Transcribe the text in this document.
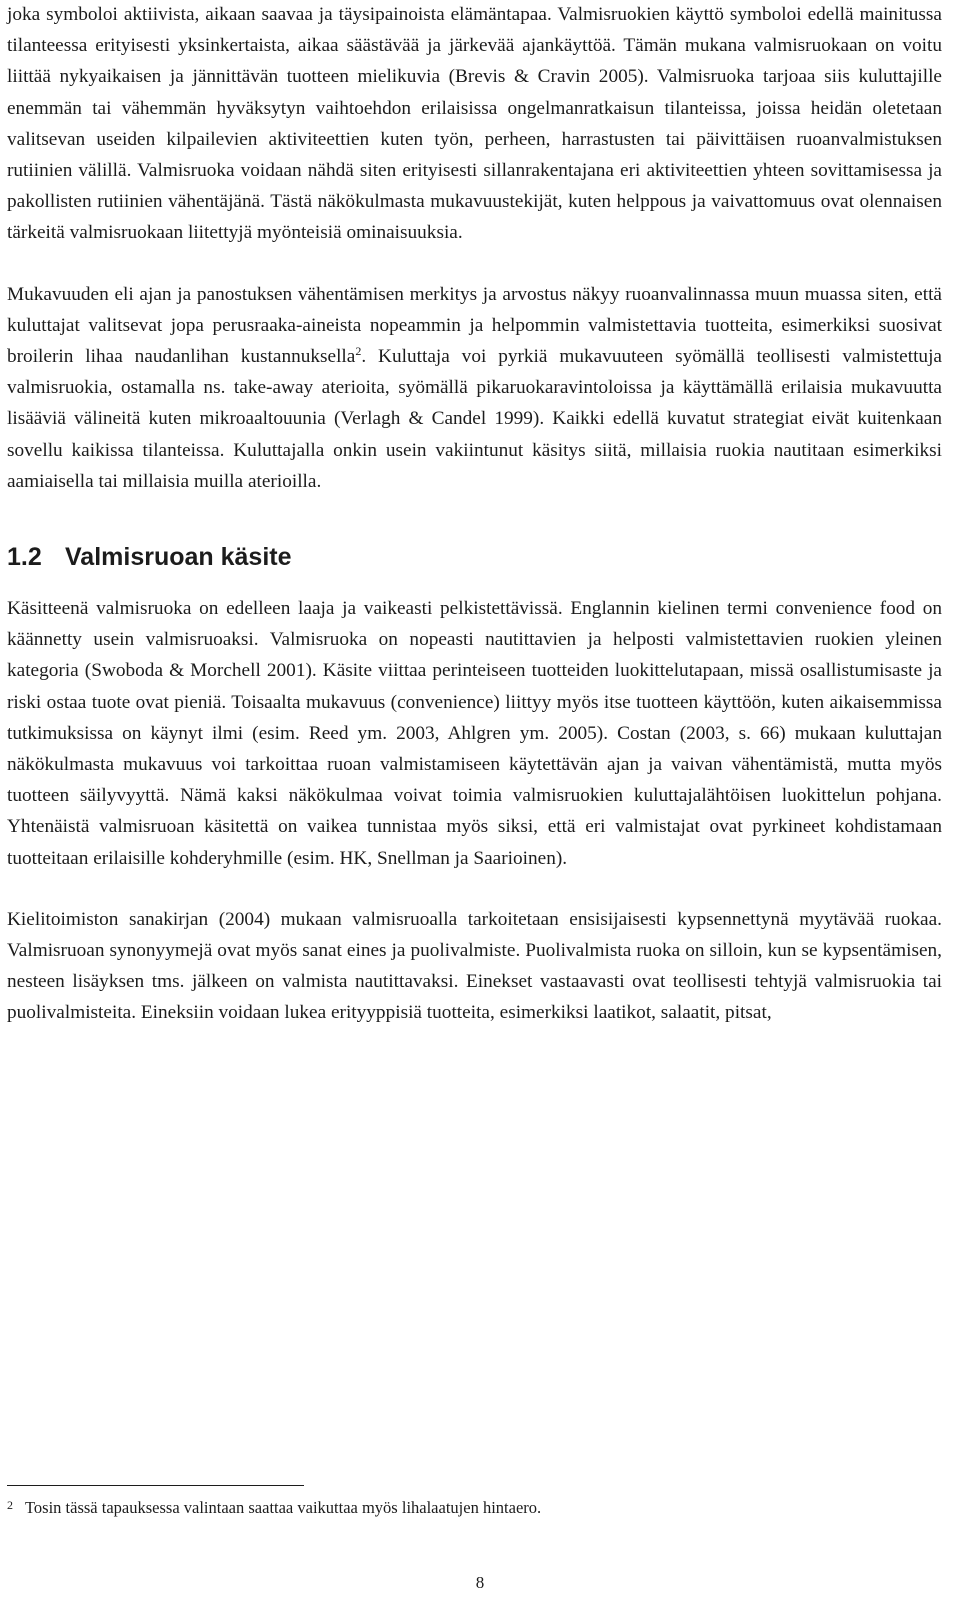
joka symboloi aktiivista, aikaan saavaa ja täysipainoista elämäntapaa. Valmisruokien käyttö symboloi edellä mainitussa tilanteessa erityisesti yksinkertaista, aikaa säästävää ja järkevää ajankäyttöä. Tämän mukana valmisruokaan on voitu liittää nykyaikaisen ja jännittävän tuotteen mielikuvia (Brevis & Cravin 2005). Valmisruoka tarjoaa siis kuluttajille enemmän tai vähemmän hyväksytyn vaihtoehdon erilaisissa ongelmanratkaisun tilanteissa, joissa heidän oletetaan valitsevan useiden kilpailevien aktiviteettien kuten työn, perheen, harrastusten tai päivittäisen ruoanvalmistuksen rutiinien välillä. Valmisruoka voidaan nähdä siten erityisesti sillanrakentajana eri aktiviteettien yhteen sovittamisessa ja pakollisten rutiinien vähentäjänä. Tästä näkökulmasta mukavuustekijät, kuten helppous ja vaivattomuus ovat olennaisen tärkeitä valmisruokaan liitettyjä myönteisiä ominaisuuksia.

Mukavuuden eli ajan ja panostuksen vähentämisen merkitys ja arvostus näkyy ruoanvalinnassa muun muassa siten, että kuluttajat valitsevat jopa perusraaka-aineista nopeammin ja helpommin valmistettavia tuotteita, esimerkiksi suosivat broilerin lihaa naudanlihan kustannuksella$^2$. Kuluttaja voi pyrkiä mukavuuteen syömällä teollisesti valmistettuja valmisruokia, ostamalla ns. take-away aterioita, syömällä pikaruokaravintoloissa ja käyttämällä erilaisia mukavuutta lisääviä välineitä kuten mikroaaltouunia (Verlagh & Candel 1999). Kaikki edellä kuvatut strategiat eivät kuitenkaan sovellu kaikissa tilanteissa. Kuluttajalla onkin usein vakiintunut käsitys siitä, millaisia ruokia nautitaan esimerkiksi aamiaisella tai millaisia muilla aterioilla.

1.2 Valmisruoan käsite

Käsitteenä valmisruoka on edelleen laaja ja vaikeasti pelkistettävissä. Englannin kielinen termi convenience food on käännetty usein valmisruoaksi. Valmisruoka on nopeasti nautittavien ja helposti valmistettavien ruokien yleinen kategoria (Swoboda & Morchell 2001). Käsite viittaa perinteiseen tuotteiden luokittelutapaan, missä osallistumisaste ja riski ostaa tuote ovat pieniä. Toisaalta mukavuus (convenience) liittyy myös itse tuotteen käyttöön, kuten aikaisemmissa tutkimuksissa on käynyt ilmi (esim. Reed ym. 2003, Ahlgren ym. 2005). Costan (2003, s. 66) mukaan kuluttajan näkökulmasta mukavuus voi tarkoittaa ruoan valmistamiseen käytettävän ajan ja vaivan vähentämistä, mutta myös tuotteen säilyvyyttä. Nämä kaksi näkökulmaa voivat toimia valmisruokien kuluttajalähtöisen luokittelun pohjana. Yhtenäistä valmisruoan käsitettä on vaikea tunnistaa myös siksi, että eri valmistajat ovat pyrkineet kohdistamaan tuotteitaan erilaisille kohderyhmille (esim. HK, Snellman ja Saarioinen).

Kielitoimiston sanakirjan (2004) mukaan valmisruoalla tarkoitetaan ensisijaisesti kypsennettynä myytävää ruokaa. Valmisruoan synonyymejä ovat myös sanat eines ja puolivalmiste. Puolivalmista ruoka on silloin, kun se kypsentämisen, nesteen lisäyksen tms. jälkeen on valmista nautittavaksi. Einekset vastaavasti ovat teollisesti tehtyjä valmisruokia tai puolivalmisteita. Eineksiin voidaan lukea erityyppisiä tuotteita, esimerkiksi laatikot, salaatit, pitsat,

2 Tosin tässä tapauksessa valintaan saattaa vaikuttaa myös lihalaatujen hintaero.
8
